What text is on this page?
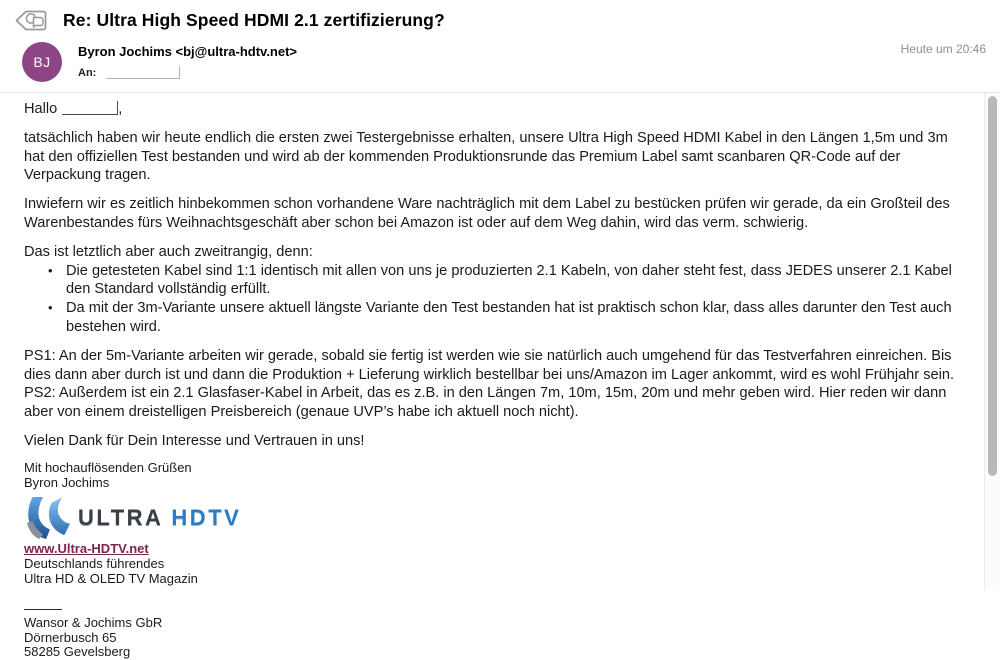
Re: Ultra High Speed HDMI 2.1 zertifizierung?
BJ
Byron Jochims <bj@ultra-hdtv.net>
An:
Heute um 20:46
Hallo	,
tatsächlich haben wir heute endlich die ersten zwei Testergebnisse erhalten, unsere Ultra High Speed HDMI Kabel in den Längen 1,5m und 3m hat den offiziellen Test bestanden und wird ab der kommenden Produktionsrunde das Premium Label samt scanbaren QR-Code auf der Verpackung tragen.
Inwiefern wir es zeitlich hinbekommen schon vorhandene Ware nachträglich mit dem Label zu bestücken prüfen wir gerade, da ein Großteil des Warenbestandes fürs Weihnachtsgeschäft aber schon bei Amazon ist oder auf dem Weg dahin, wird das verm. schwierig.
Das ist letztlich aber auch zweitrangig, denn:
• Die getesteten Kabel sind 1:1 identisch mit allen von uns je produzierten 2.1 Kabeln, von daher steht fest, dass JEDES unserer 2.1 Kabel den Standard vollständig erfüllt.
• Da mit der 3m-Variante unsere aktuell längste Variante den Test bestanden hat ist praktisch schon klar, dass alles darunter den Test auch bestehen wird.
PS1: An der 5m-Variante arbeiten wir gerade, sobald sie fertig ist werden wie sie natürlich auch umgehend für das Testverfahren einreichen. Bis dies dann aber durch ist und dann die Produktion + Lieferung wirklich bestellbar bei uns/Amazon im Lager ankommt, wird es wohl Frühjahr sein.
PS2: Außerdem ist ein 2.1 Glasfaser-Kabel in Arbeit, das es z.B. in den Längen 7m, 10m, 15m, 20m und mehr geben wird. Hier reden wir dann aber von einem dreistelligen Preisbereich (genaue UVP’s habe ich aktuell noch nicht).
Vielen Dank für Dein Interesse und Vertrauen in uns!
Mit hochauflösenden Grüßen
Byron Jochims
ULTRA HDTV
www.Ultra-HDTV.net
Deutschlands führendes
Ultra HD & OLED TV Magazin
Wansor & Jochims GbR
Dörnerbusch 65
58285 Gevelsberg
